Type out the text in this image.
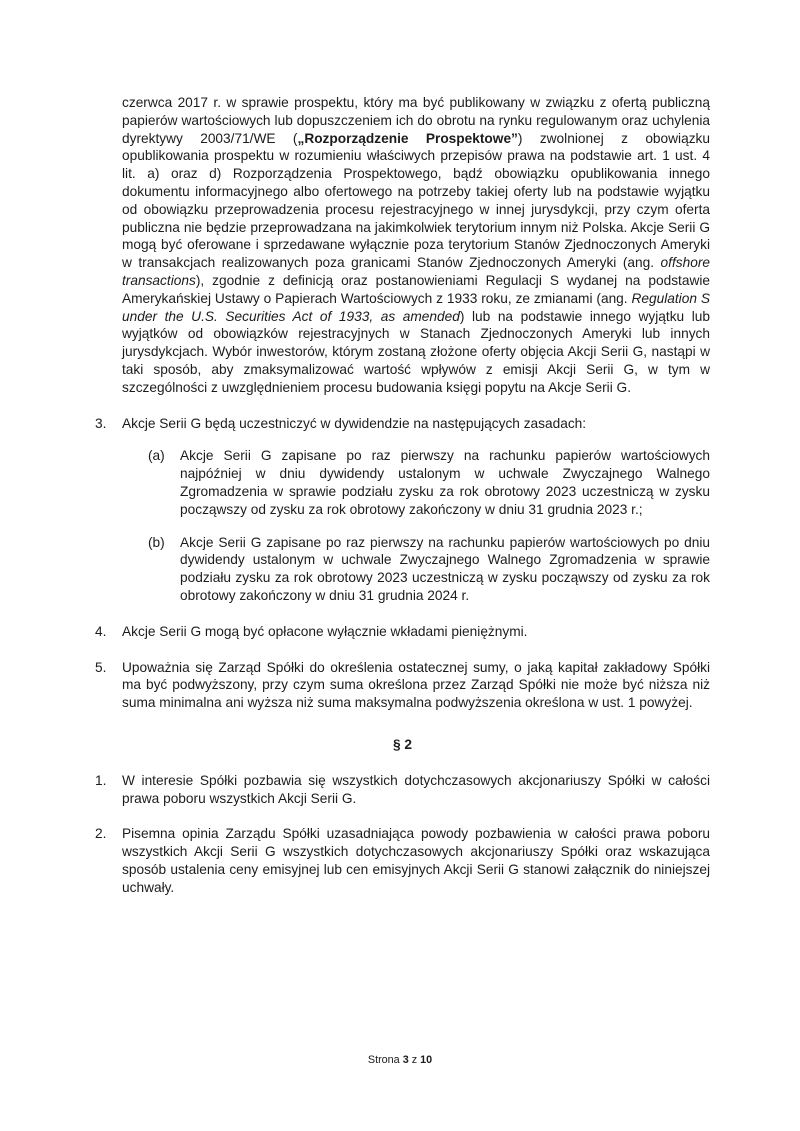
czerwca 2017 r. w sprawie prospektu, który ma być publikowany w związku z ofertą publiczną papierów wartościowych lub dopuszczeniem ich do obrotu na rynku regulowanym oraz uchylenia dyrektywy 2003/71/WE („Rozporządzenie Prospektowe”) zwolnionej z obowiązku opublikowania prospektu w rozumieniu właściwych przepisów prawa na podstawie art. 1 ust. 4 lit. a) oraz d) Rozporządzenia Prospektowego, bądź obowiązku opublikowania innego dokumentu informacyjnego albo ofertowego na potrzeby takiej oferty lub na podstawie wyjątku od obowiązku przeprowadzenia procesu rejestracyjnego w innej jurysdykcji, przy czym oferta publiczna nie będzie przeprowadzana na jakimkolwiek terytorium innym niż Polska. Akcje Serii G mogą być oferowane i sprzedawane wyłącznie poza terytorium Stanów Zjednoczonych Ameryki w transakcjach realizowanych poza granicami Stanów Zjednoczonych Ameryki (ang. offshore transactions), zgodnie z definicją oraz postanowieniami Regulacji S wydanej na podstawie Amerykańskiej Ustawy o Papierach Wartościowych z 1933 roku, ze zmianami (ang. Regulation S under the U.S. Securities Act of 1933, as amended) lub na podstawie innego wyjątku lub wyjątków od obowiązków rejestracyjnych w Stanach Zjednoczonych Ameryki lub innych jurysdykcjach. Wybór inwestorów, którym zostaną złożone oferty objęcia Akcji Serii G, nastąpi w taki sposób, aby zmaksymalizować wartość wpływów z emisji Akcji Serii G, w tym w szczególności z uwzględnieniem procesu budowania księgi popytu na Akcje Serii G.

3.	Akcje Serii G będą uczestniczyć w dywidendzie na następujących zasadach:
(a)	Akcje Serii G zapisane po raz pierwszy na rachunku papierów wartościowych najpóźniej w dniu dywidendy ustalonym w uchwale Zwyczajnego Walnego Zgromadzenia w sprawie podziału zysku za rok obrotowy 2023 uczestniczą w zysku począwszy od zysku za rok obrotowy zakończony w dniu 31 grudnia 2023 r.;
(b)	Akcje Serii G zapisane po raz pierwszy na rachunku papierów wartościowych po dniu dywidendy ustalonym w uchwale Zwyczajnego Walnego Zgromadzenia w sprawie podziału zysku za rok obrotowy 2023 uczestniczą w zysku począwszy od zysku za rok obrotowy zakończony w dniu 31 grudnia 2024 r.
4.	Akcje Serii G mogą być opłacone wyłącznie wkładami pieniężnymi.
5.	Upoważnia się Zarząd Spółki do określenia ostatecznej sumy, o jaką kapitał zakładowy Spółki ma być podwyższony, przy czym suma określona przez Zarząd Spółki nie może być niższa niż suma minimalna ani wyższa niż suma maksymalna podwyższenia określona w ust. 1 powyżej.
§ 2
1.	W interesie Spółki pozbawia się wszystkich dotychczasowych akcjonariuszy Spółki w całości prawa poboru wszystkich Akcji Serii G.
2.	Pisemna opinia Zarządu Spółki uzasadniająca powody pozbawienia w całości prawa poboru wszystkich Akcji Serii G wszystkich dotychczasowych akcjonariuszy Spółki oraz wskazująca sposób ustalenia ceny emisyjnej lub cen emisyjnych Akcji Serii G stanowi załącznik do niniejszej uchwały.
Strona 3 z 10
